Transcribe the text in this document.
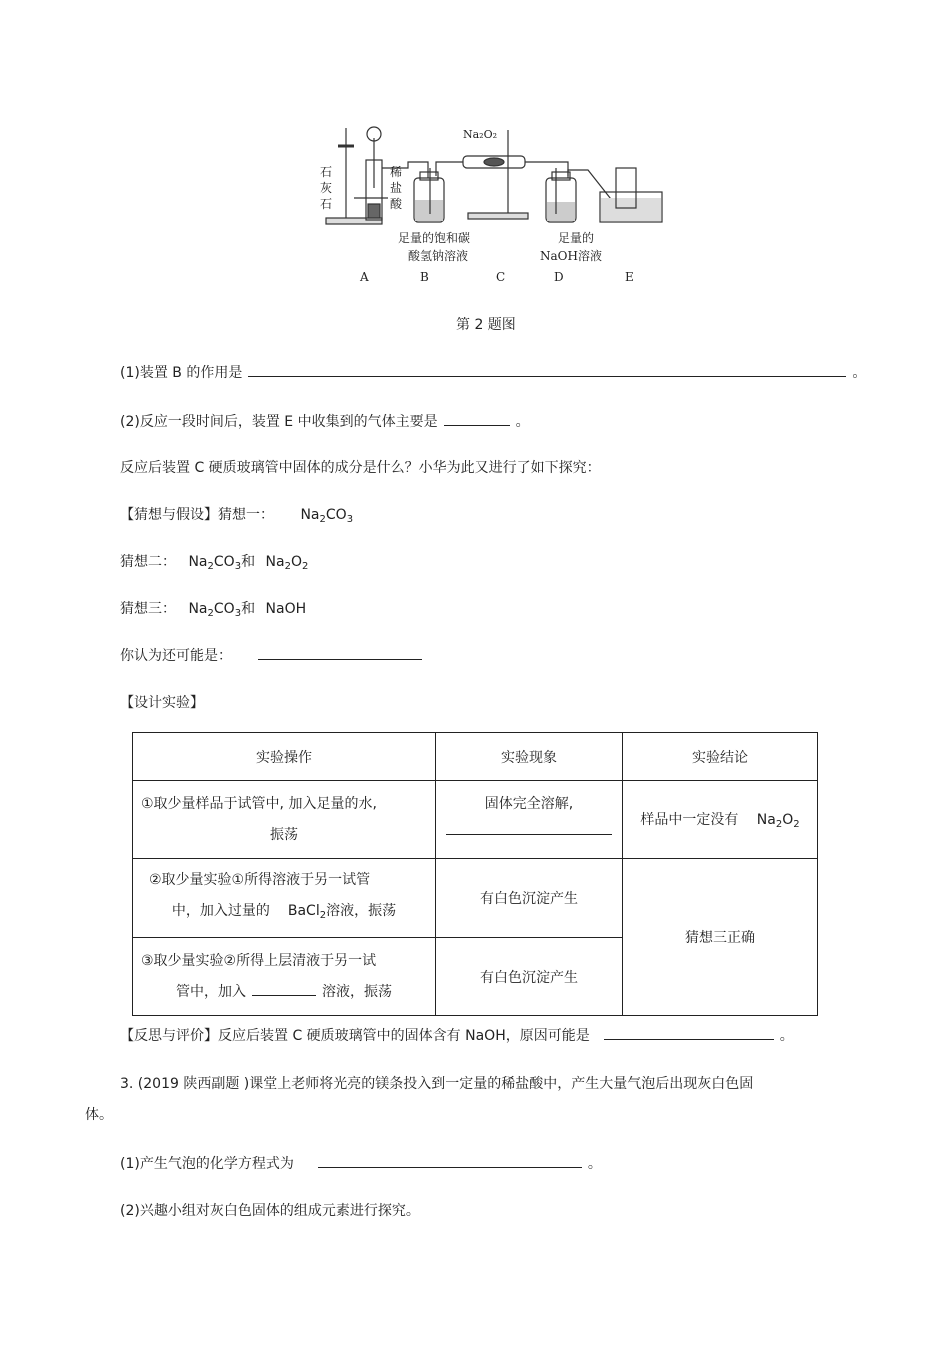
Na₂O₂
石
灰
石
稀
盐
酸
足量的饱和碳
酸氢钠溶液
足量的
NaOH溶液
A	B	C	D	E
第 2 题图
(1)装置 B 的作用是	。
(2)反应一段时间后，装置 E 中收集到的气体主要是	。
反应后装置 C 硬质玻璃管中固体的成分是什么？小华为此又进行了如下探究：
【猜想与假设】猜想一： $Na_2CO_3$
猜想二： $Na_2CO_3$和 $Na_2O_2$
猜想三： $Na_2CO_3$和 NaOH
你认为还可能是：
【设计实验】
实验操作	实验现象	实验结论

①取少量样品于试管中, 加入足量的水,
振荡	固体完全溶解,	样品中一定没有 $Na_2O_2$

②取少量实验①所得溶液于另一试管
中，加入过量的 BaCl$_2$溶液，振荡	有白色沉淀产生	猜想三正确

③取少量实验②所得上层清液于另一试
管中，加入 溶液，振荡	有白色沉淀产生	
【反思与评价】反应后装置 C 硬质玻璃管中的固体含有 NaOH，原因可能是	。
3. (2019 陕西副题 )课堂上老师将光亮的镁条投入到一定量的稀盐酸中，产生大量气泡后出现灰白色固
体。
(1)产生气泡的化学方程式为	。
(2)兴趣小组对灰白色固体的组成元素进行探究。
